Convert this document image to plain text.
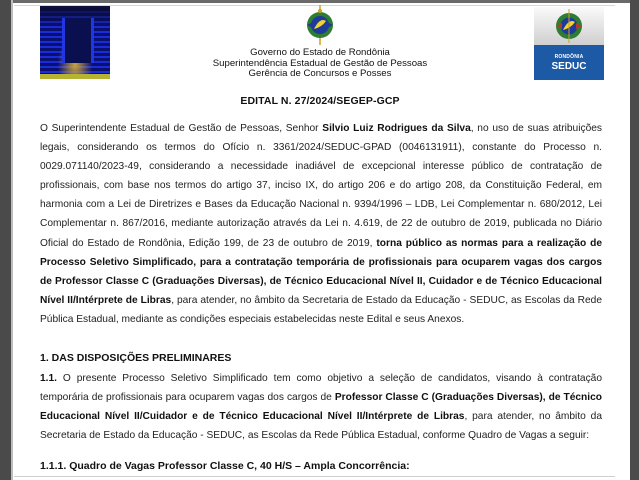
RONDÔNIA
SEDUC
Governo do Estado de Rondônia
Superintendência Estadual de Gestão de Pessoas
Gerência de Concursos e Posses
EDITAL N. 27/2024/SEGEP-GCP
O Superintendente Estadual de Gestão de Pessoas, Senhor Silvio Luiz Rodrigues da Silva, no uso de suas atribuições legais, considerando os termos do Ofício n. 3361/2024/SEDUC-GPAD (0046131911), constante do Processo n. 0029.071140/2023-49, considerando a necessidade inadiável de excepcional interesse público de contratação de profissionais, com base nos termos do artigo 37, inciso IX, do artigo 206 e do artigo 208, da Constituição Federal, em harmonia com a Lei de Diretrizes e Bases da Educação Nacional n. 9394/1996 – LDB, Lei Complementar n. 680/2012, Lei Complementar n. 867/2016, mediante autorização através da Lei n. 4.619, de 22 de outubro de 2019, publicada no Diário Oficial do Estado de Rondônia, Edição 199, de 23 de outubro de 2019, torna público as normas para a realização de Processo Seletivo Simplificado, para a contratação temporária de profissionais para ocuparem vagas dos cargos de Professor Classe C (Graduações Diversas), de Técnico Educacional Nível II, Cuidador e de Técnico Educacional Nível II/Intérprete de Libras, para atender, no âmbito da Secretaria de Estado da Educação - SEDUC, as Escolas da Rede Pública Estadual, mediante as condições especiais estabelecidas neste Edital e seus Anexos.
1. DAS DISPOSIÇÕES PRELIMINARES
1.1. O presente Processo Seletivo Simplificado tem como objetivo a seleção de candidatos, visando à contratação temporária de profissionais para ocuparem vagas dos cargos de Professor Classe C (Graduações Diversas), de Técnico Educacional Nível II/Cuidador e de Técnico Educacional Nível II/Intérprete de Libras, para atender, no âmbito da Secretaria de Estado da Educação - SEDUC, as Escolas da Rede Pública Estadual, conforme Quadro de Vagas a seguir:
1.1.1. Quadro de Vagas Professor Classe C, 40 H/S – Ampla Concorrência:
